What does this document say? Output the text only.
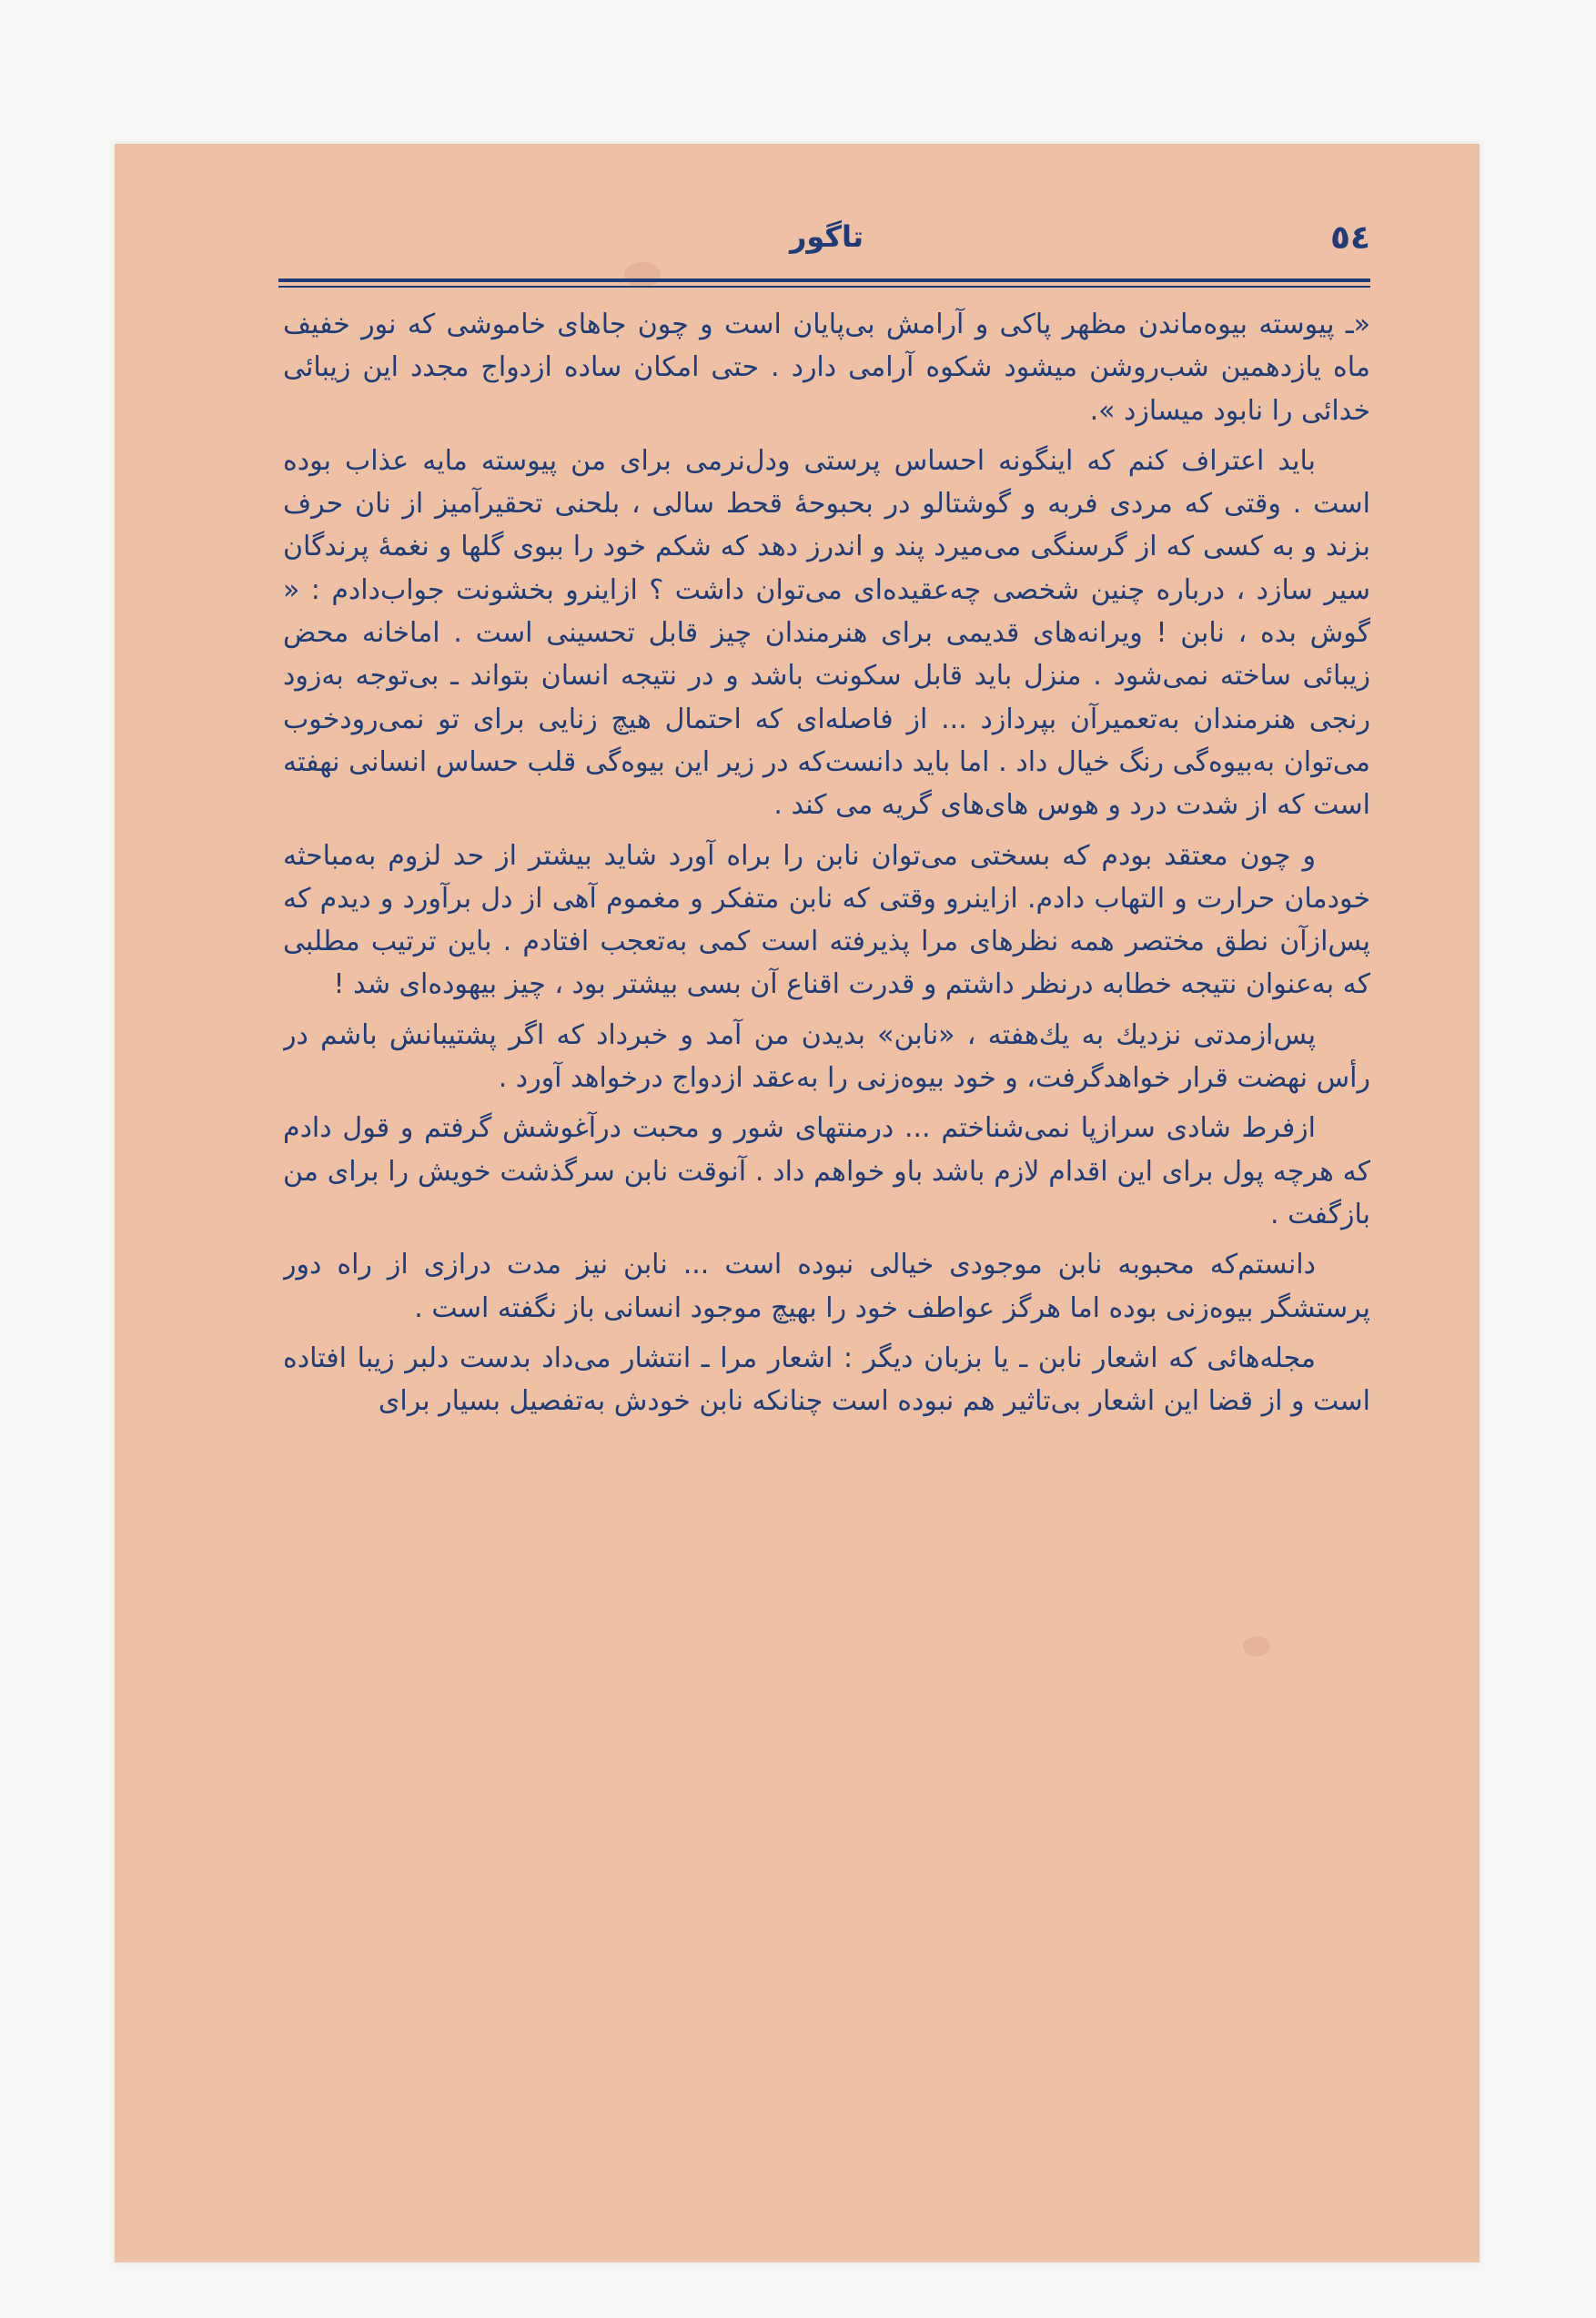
٥٤
تاگور

«ـ پیوسته بیوه‌ماندن مظهر پاکی و آرامش بی‌پایان است و چون جاهای خاموشی که نور خفیف ماه یازدهمین شب‌روشن میشود شکوه آرامی دارد . حتی امکان ساده ازدواج مجدد این زیبائی خدائی را نابود میسازد ».

باید اعتراف کنم که اینگونه احساس پرستی ودل‌نرمی برای من پیوسته مایه عذاب بوده است . وقتی که مردی فربه و گوشتالو در بحبوحهٔ قحط سالی ، بلحنی تحقیرآمیز از نان حرف بزند و به کسی که از گرسنگی می‌میرد پند و اندرز دهد که شکم خود را ببوی گلها و نغمهٔ پرندگان سیر سازد ، درباره چنین شخصی چه‌عقیده‌ای می‌توان داشت ؟ ازاینرو بخشونت جواب‌دادم : « گوش بده ، نابن ! ویرانه‌های قدیمی برای هنرمندان چیز قابل تحسینی است . اماخانه محض زیبائی ساخته نمی‌شود . منزل باید قابل سکونت باشد و در نتیجه انسان بتواند ـ بی‌توجه به‌زود رنجی هنرمندان به‌تعمیرآن بپردازد ... از فاصله‌ای که احتمال هیچ زنایی برای تو نمی‌رودخوب می‌توان به‌بیوه‌گی رنگ خیال داد . اما باید دانست‌که در زیر این بیوه‌گی قلب حساس انسانی نهفته است که از شدت درد و هوس های‌های گریه می کند .

و چون معتقد بودم که بسختی می‌توان نابن را براه آورد شاید بیشتر از حد لزوم به‌مباحثه خودمان حرارت و التهاب دادم. ازاینرو وقتی که نابن متفکر و مغموم آهی از دل برآورد و دیدم که پس‌ازآن نطق مختصر همه نظرهای مرا پذیرفته است کمی به‌تعجب افتادم . باین ترتیب مطلبی که به‌عنوان نتیجه خطابه درنظر داشتم و قدرت اقناع آن بسی بیشتر بود ، چیز بیهوده‌ای شد !

پس‌ازمدتی نزدیك به یك‌هفته ، «نابن» بدیدن من آمد و خبرداد که اگر پشتیبانش باشم در رأس نهضت قرار خواهدگرفت، و خود بیوه‌زنی را به‌عقد ازدواج درخواهد آورد .

ازفرط شادی سرازپا نمی‌شناختم ... درمنتهای شور و محبت درآغوشش گرفتم و قول دادم که هرچه پول برای این اقدام لازم باشد باو خواهم داد . آنوقت نابن سرگذشت خویش را برای من بازگفت .

دانستم‌که محبوبه نابن موجودی خیالی نبوده است ... نابن نیز مدت درازی از راه دور پرستشگر بیوه‌زنی بوده اما هرگز عواطف خود را بهیچ موجود انسانی باز نگفته است .

مجله‌هائی که اشعار نابن ـ یا بزبان دیگر : اشعار مرا ـ انتشار می‌داد بدست دلبر زیبا افتاده است و از قضا این اشعار بی‌تاثیر هم نبوده است چنانکه نابن خودش به‌تفصیل بسیار برای
